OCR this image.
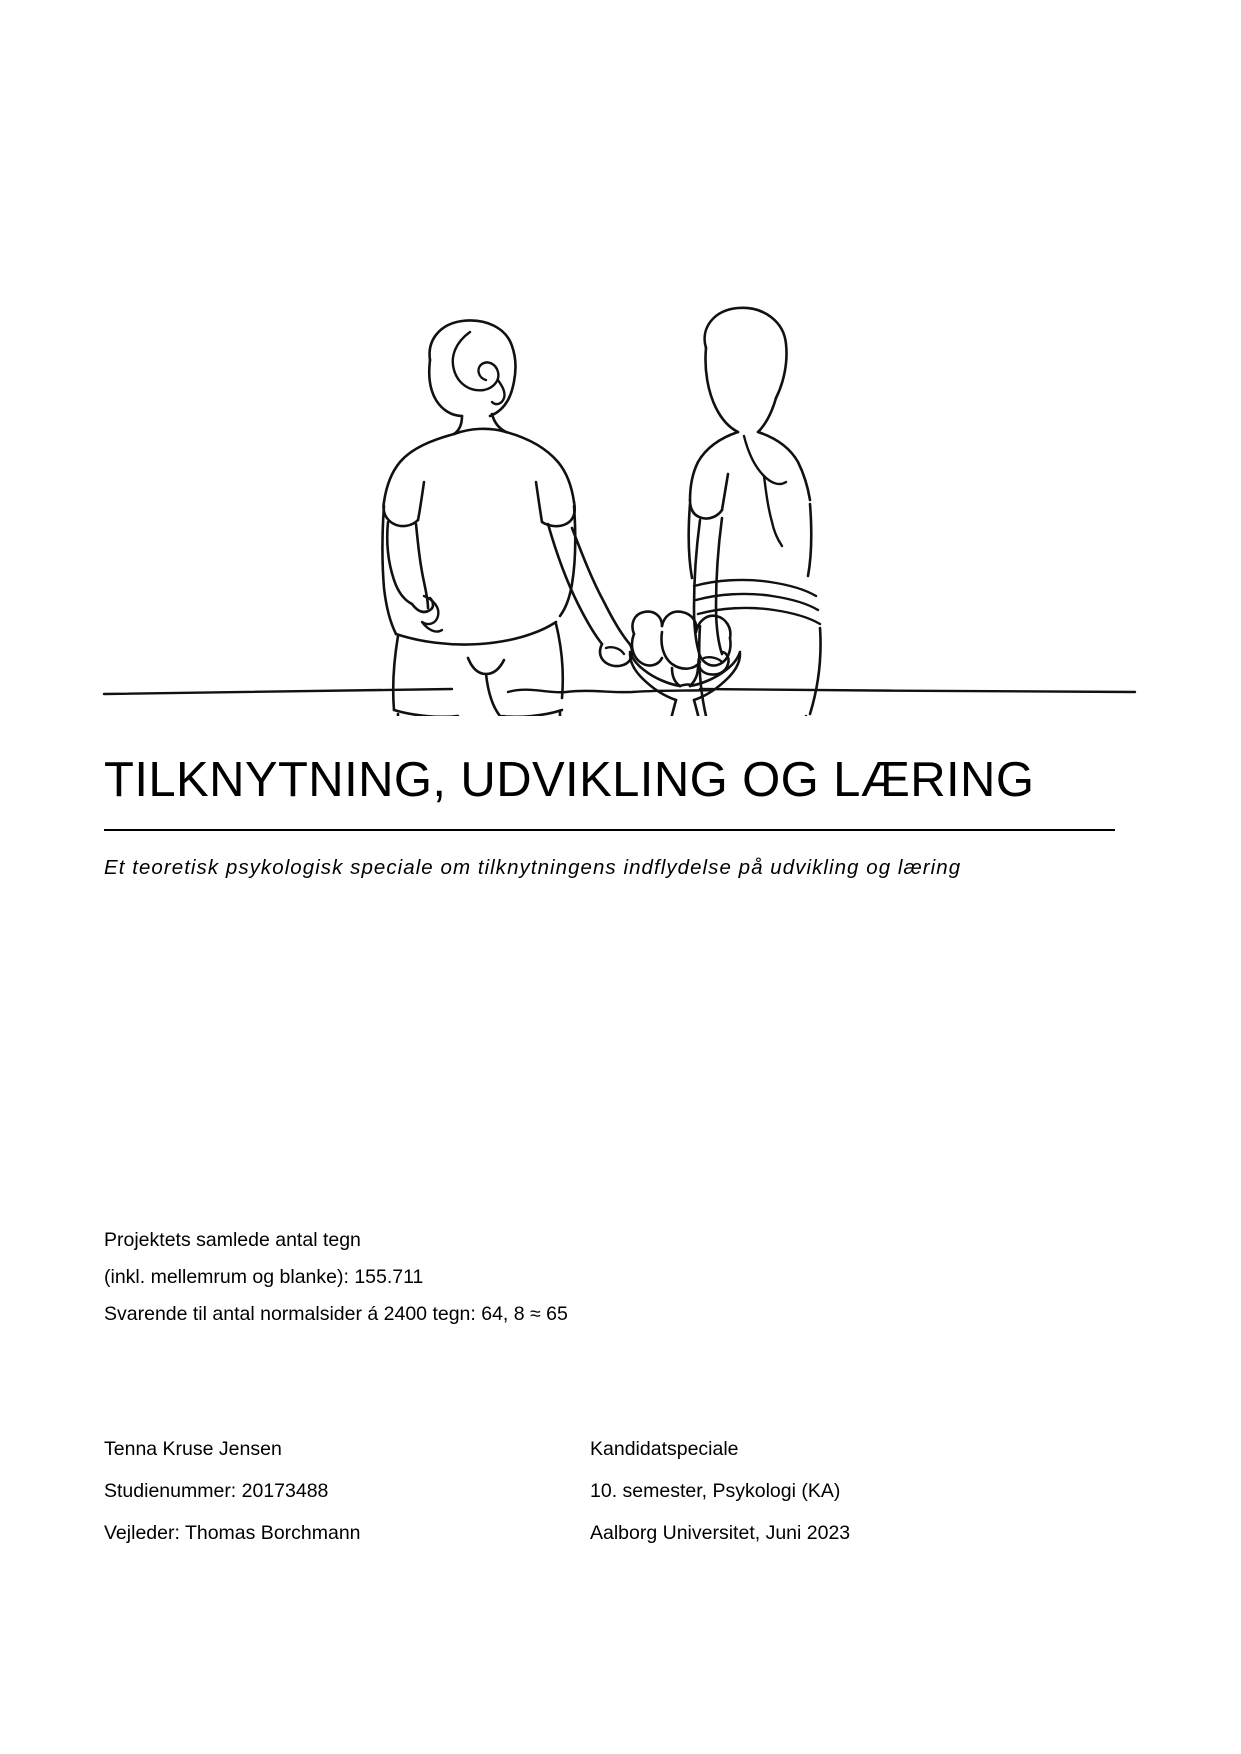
TILKNYTNING, UDVIKLING OG LÆRING

Et teoretisk psykologisk speciale om tilknytningens indflydelse på udvikling og læring

Projektets samlede antal tegn
(inkl. mellemrum og blanke): 155.711
Svarende til antal normalsider á 2400 tegn: 64, 8 ≈ 65
Tenna Kruse Jensen
Studienummer: 20173488
Vejleder: Thomas Borchmann
Kandidatspeciale
10. semester, Psykologi (KA)
Aalborg Universitet, Juni 2023
